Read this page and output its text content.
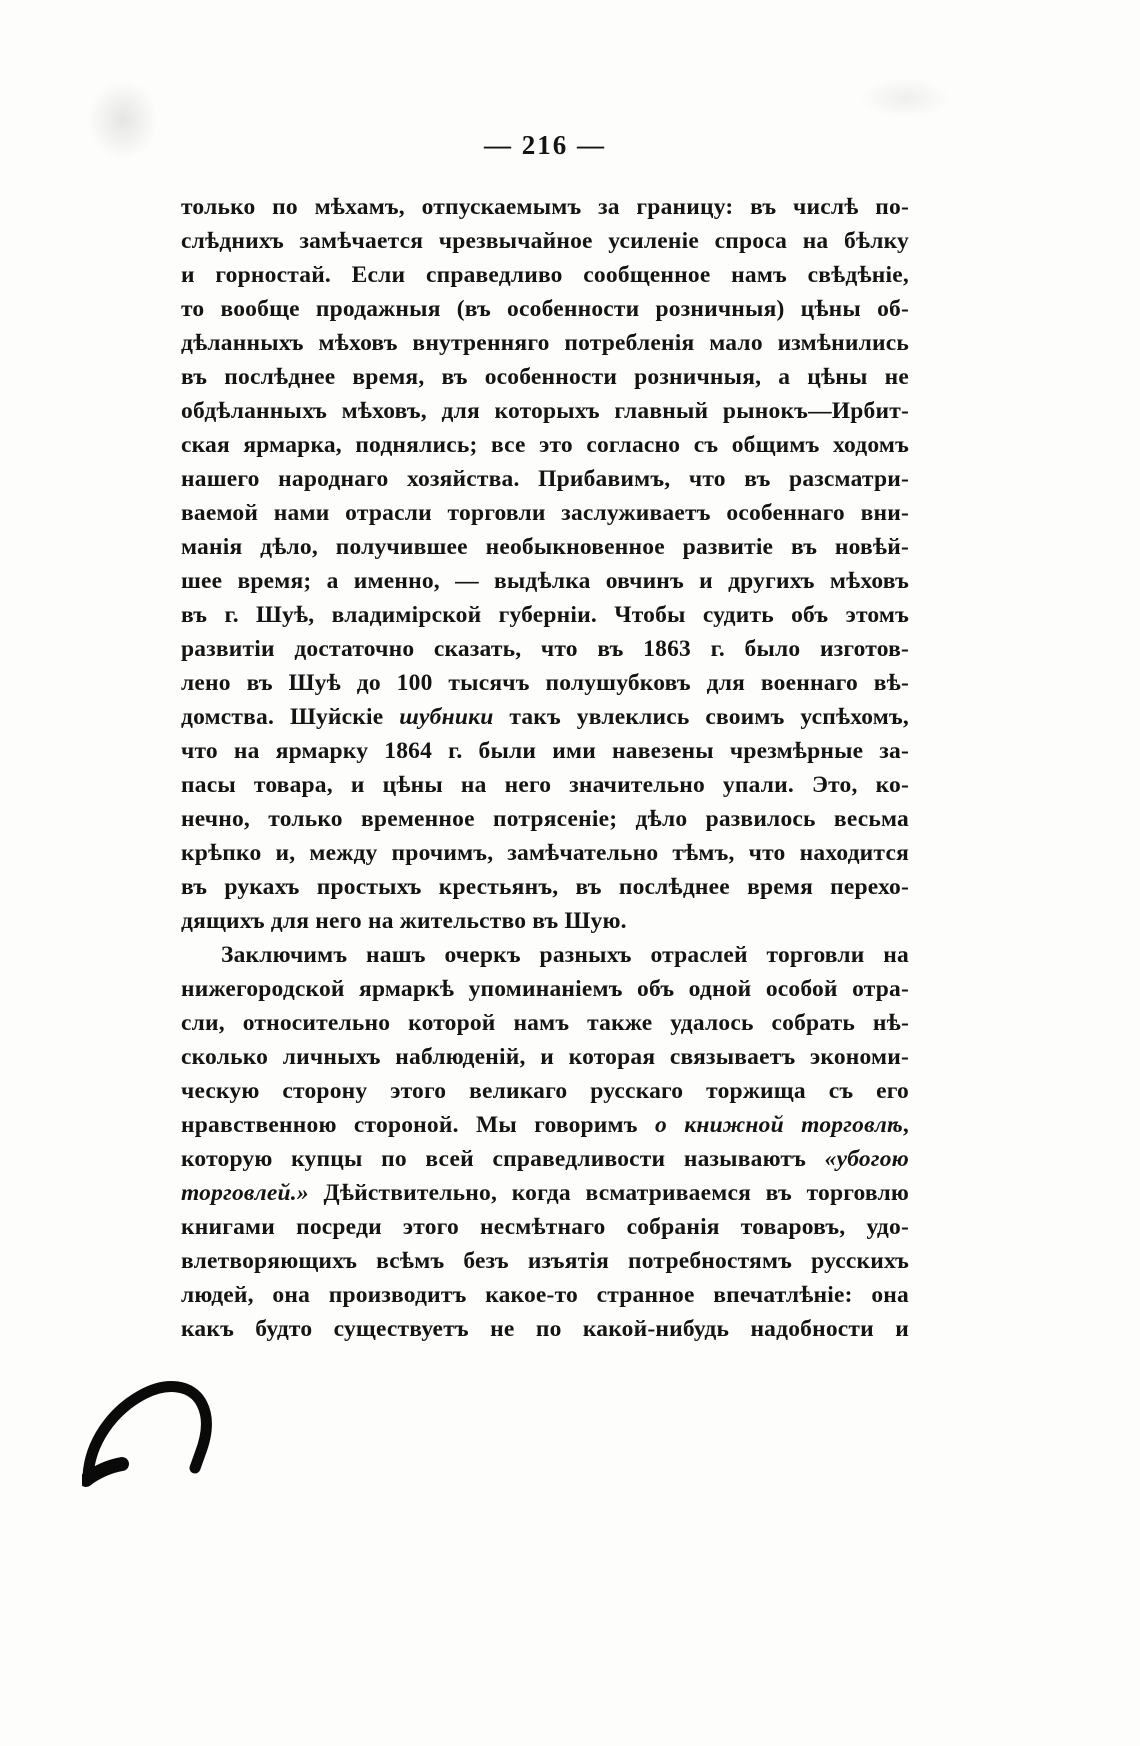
— 216 —
только по мѣхамъ, отпускаемымъ за границу: въ числѣ по-
слѣднихъ замѣчается чрезвычайное усиленіе спроса на бѣлку
и горностай. Если справедливо сообщенное намъ свѣдѣніе,
то вообще продажныя (въ особенности розничныя) цѣны об-
дѣланныхъ мѣховъ внутренняго потребленія мало измѣнились
въ послѣднее время, въ особенности розничныя, а цѣны не
обдѣланныхъ мѣховъ, для которыхъ главный рынокъ—Ирбит-
ская ярмарка, поднялись; все это согласно съ общимъ ходомъ
нашего народнаго хозяйства. Прибавимъ, что въ разсматри-
ваемой нами отрасли торговли заслуживаетъ особеннаго вни-
манія дѣло, получившее необыкновенное развитіе въ новѣй-
шее время; а именно, — выдѣлка овчинъ и другихъ мѣховъ
въ г. Шуѣ, владимірской губерніи. Чтобы судить объ этомъ
развитіи достаточно сказать, что въ 1863 г. было изготов-
лено въ Шуѣ до 100 тысячъ полушубковъ для военнаго вѣ-
домства. Шуйскіе шубники такъ увлеклись своимъ успѣхомъ,
что на ярмарку 1864 г. были ими навезены чрезмѣрные за-
пасы товара, и цѣны на него значительно упали. Это, ко-
нечно, только временное потрясеніе; дѣло развилось весьма
крѣпко и, между прочимъ, замѣчательно тѣмъ, что находится
въ рукахъ простыхъ крестьянъ, въ послѣднее время перехо-
дящихъ для него на жительство въ Шую.
Заключимъ нашъ очеркъ разныхъ отраслей торговли на
нижегородской ярмаркѣ упоминаніемъ объ одной особой отра-
сли, относительно которой намъ также удалось собрать нѣ-
сколько личныхъ наблюденій, и которая связываетъ экономи-
ческую сторону этого великаго русскаго торжища съ его
нравственною стороной. Мы говоримъ о книжной торговлѣ,
которую купцы по всей справедливости называютъ «убогою
торговлей.» Дѣйствительно, когда всматриваемся въ торговлю
книгами посреди этого несмѣтнаго собранія товаровъ, удо-
влетворяющихъ всѣмъ безъ изъятія потребностямъ русскихъ
людей, она производитъ какое-то странное впечатлѣніе: она
какъ будто существуетъ не по какой-нибудь надобности и
